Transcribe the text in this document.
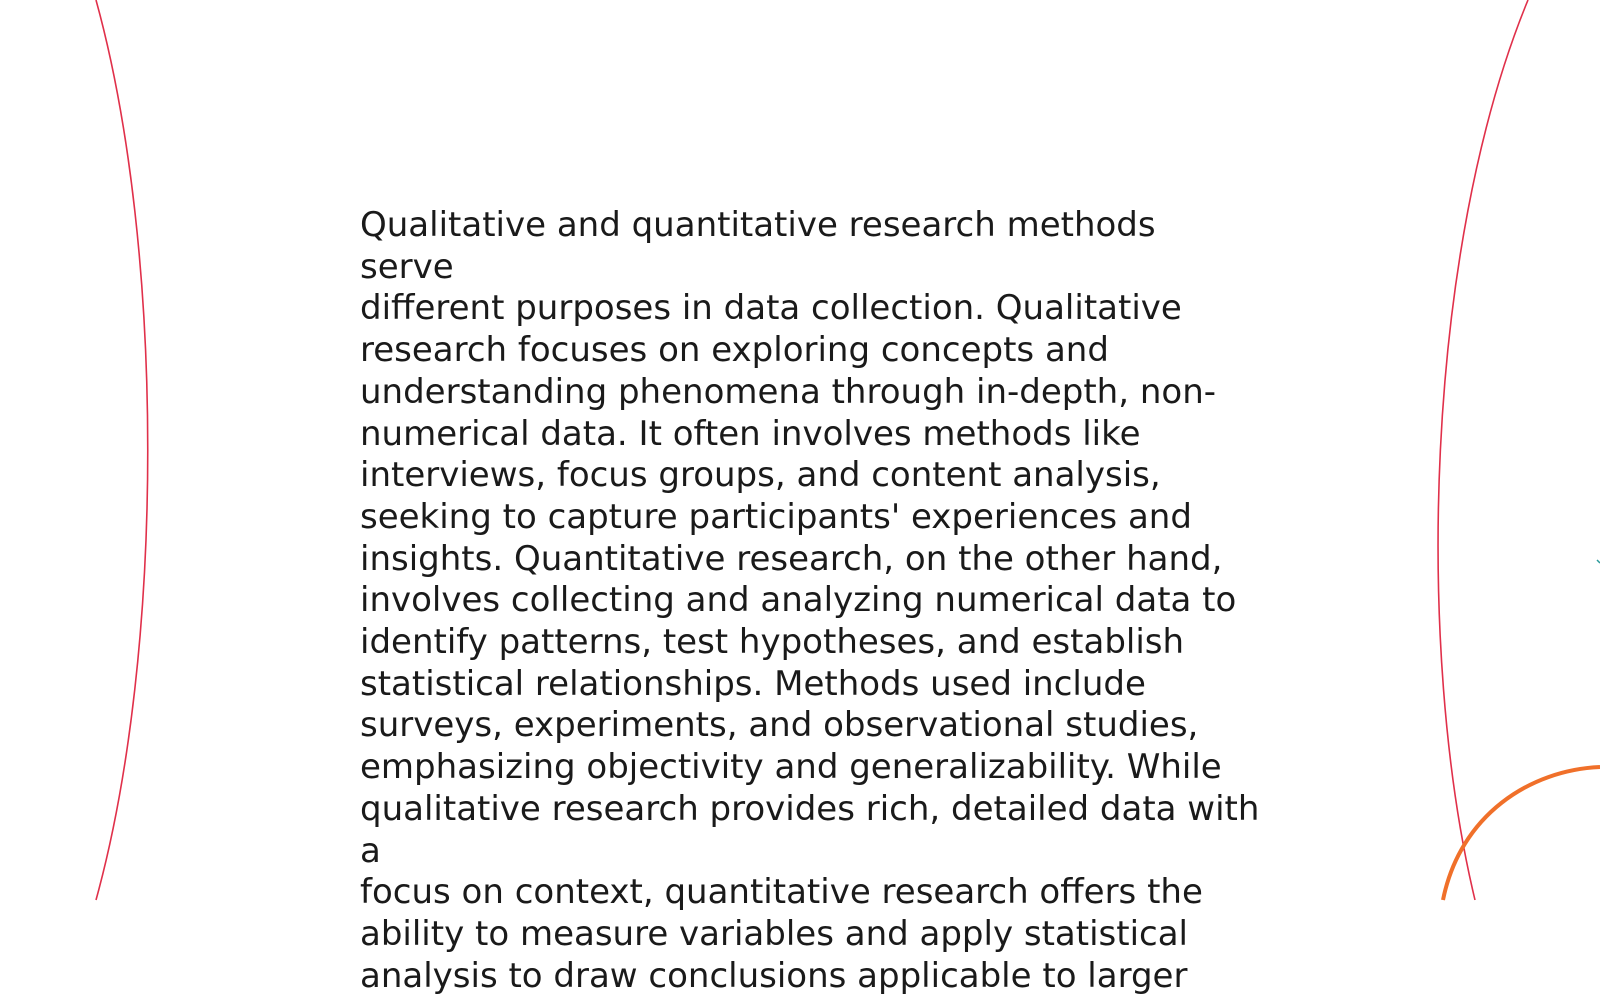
Qualitative and quantitative research methods serve
different purposes in data collection. Qualitative
research focuses on exploring concepts and
understanding phenomena through in-depth, non-
numerical data. It often involves methods like
interviews, focus groups, and content analysis,
seeking to capture participants' experiences and
insights. Quantitative research, on the other hand,
involves collecting and analyzing numerical data to
identify patterns, test hypotheses, and establish
statistical relationships. Methods used include
surveys, experiments, and observational studies,
emphasizing objectivity and generalizability. While
qualitative research provides rich, detailed data with a
focus on context, quantitative research offers the
ability to measure variables and apply statistical
analysis to draw conclusions applicable to larger
